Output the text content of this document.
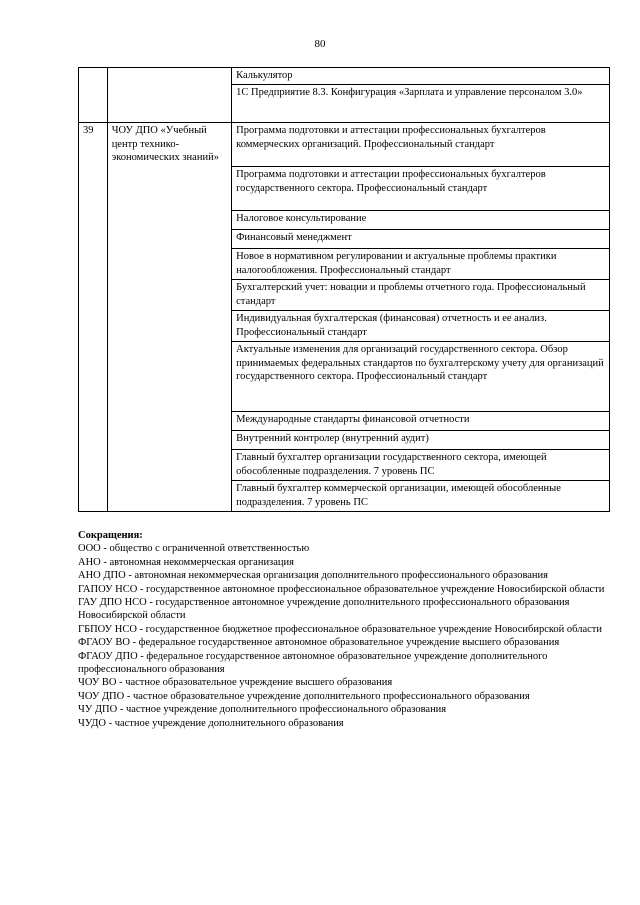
80
		Калькулятор
		1С Предприятие 8.3. Конфигурация «Зарплата и управление персоналом 3.0»
39	ЧОУ ДПО «Учебный центр технико-экономических знаний»	Программа подготовки и аттестации профессиональных бухгалтеров коммерческих организаций. Профессиональный стандарт
		Программа подготовки и аттестации профессиональных бухгалтеров государственного сектора. Профессиональный стандарт
		Налоговое консультирование
		Финансовый менеджмент
		Новое в нормативном регулировании и актуальные проблемы практики налогообложения. Профессиональный стандарт
		Бухгалтерский учет: новации и проблемы отчетного года. Профессиональный стандарт
		Индивидуальная бухгалтерская (финансовая) отчетность и ее анализ. Профессиональный стандарт
		Актуальные изменения для организаций государственного сектора. Обзор принимаемых федеральных стандартов по бухгалтерскому учету для организаций государственного сектора. Профессиональный стандарт
		Международные стандарты финансовой отчетности
		Внутренний контролер (внутренний аудит)
		Главный бухгалтер организации государственного сектора, имеющей обособленные подразделения. 7 уровень ПС
		Главный бухгалтер коммерческой организации, имеющей обособленные подразделения. 7 уровень ПС

Сокращения:

ООО - общество с ограниченной ответственностью

АНО - автономная некоммерческая организация

АНО ДПО - автономная некоммерческая организация дополнительного профессионального образования

ГАПОУ НСО - государственное автономное профессиональное образовательное учреждение Новосибирской области

ГАУ ДПО НСО - государственное автономное учреждение дополнительного профессионального образования Новосибирской области

ГБПОУ НСО - государственное бюджетное профессиональное образовательное учреждение Новосибирской области

ФГАОУ ВО - федеральное государственное автономное образовательное учреждение высшего образования

ФГАОУ ДПО - федеральное государственное автономное образовательное учреждение дополнительного профессионального образования

ЧОУ ВО - частное образовательное учреждение высшего образования

ЧОУ ДПО - частное образовательное учреждение дополнительного профессионального образования

ЧУ ДПО - частное учреждение дополнительного профессионального образования

ЧУДО - частное учреждение дополнительного образования
